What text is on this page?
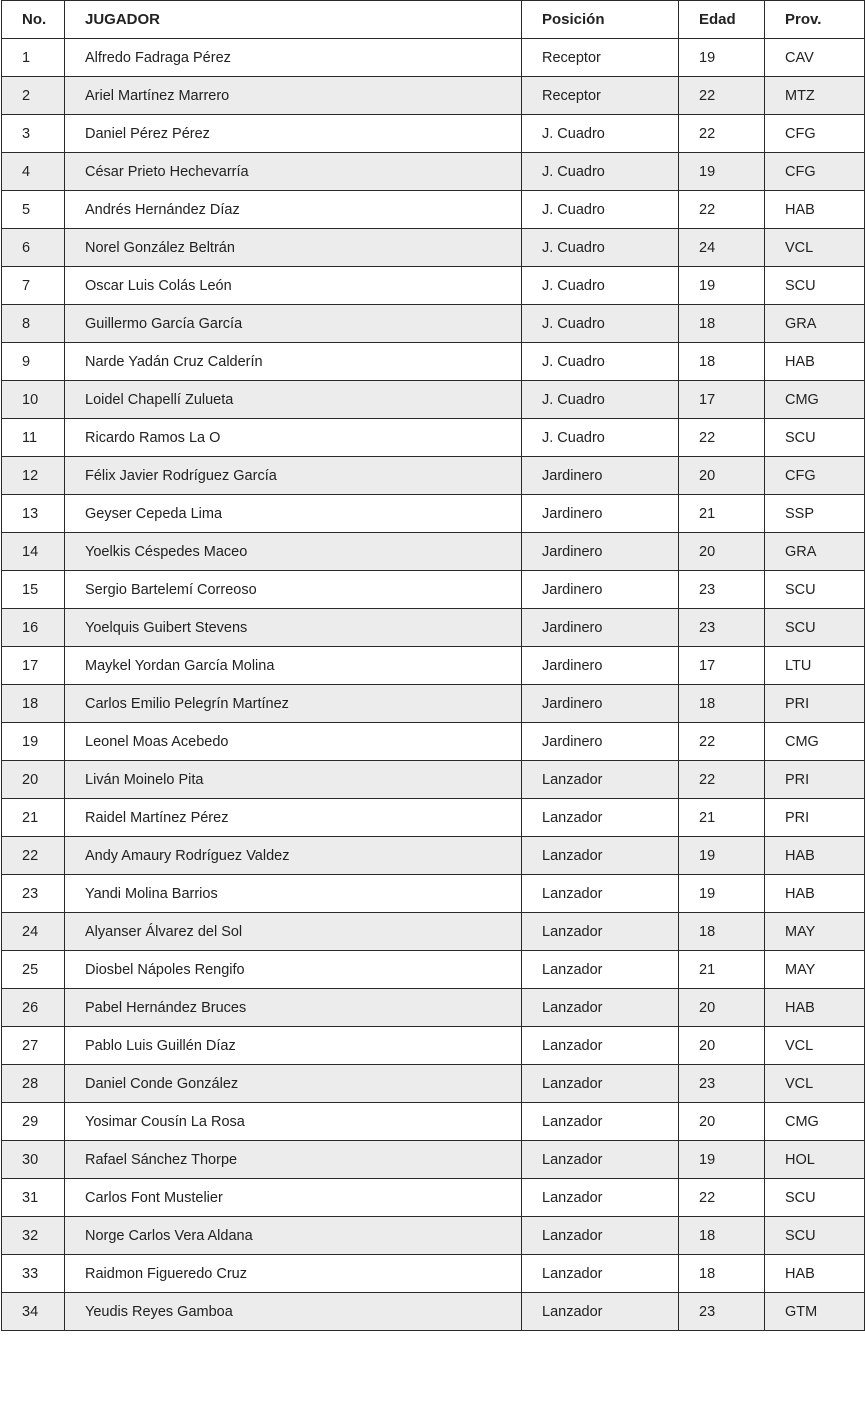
No.	JUGADOR	Posición	Edad	Prov.
1	Alfredo Fadraga Pérez	Receptor	19	CAV
2	Ariel Martínez Marrero	Receptor	22	MTZ
3	Daniel Pérez Pérez	J. Cuadro	22	CFG
4	César Prieto Hechevarría	J. Cuadro	19	CFG
5	Andrés Hernández Díaz	J. Cuadro	22	HAB
6	Norel González Beltrán	J. Cuadro	24	VCL
7	Oscar Luis Colás León	J. Cuadro	19	SCU
8	Guillermo García García	J. Cuadro	18	GRA
9	Narde Yadán Cruz Calderín	J. Cuadro	18	HAB
10	Loidel Chapellí Zulueta	J. Cuadro	17	CMG
11	Ricardo Ramos La O	J. Cuadro	22	SCU
12	Félix Javier Rodríguez García	Jardinero	20	CFG
13	Geyser Cepeda Lima	Jardinero	21	SSP
14	Yoelkis Céspedes Maceo	Jardinero	20	GRA
15	Sergio Bartelemí Correoso	Jardinero	23	SCU
16	Yoelquis Guibert Stevens	Jardinero	23	SCU
17	Maykel Yordan García Molina	Jardinero	17	LTU
18	Carlos Emilio Pelegrín Martínez	Jardinero	18	PRI
19	Leonel Moas Acebedo	Jardinero	22	CMG
20	Liván Moinelo Pita	Lanzador	22	PRI
21	Raidel Martínez Pérez	Lanzador	21	PRI
22	Andy Amaury Rodríguez Valdez	Lanzador	19	HAB
23	Yandi Molina Barrios	Lanzador	19	HAB
24	Alyanser Álvarez del Sol	Lanzador	18	MAY
25	Diosbel Nápoles Rengifo	Lanzador	21	MAY
26	Pabel Hernández Bruces	Lanzador	20	HAB
27	Pablo Luis Guillén Díaz	Lanzador	20	VCL
28	Daniel Conde González	Lanzador	23	VCL
29	Yosimar Cousín La Rosa	Lanzador	20	CMG
30	Rafael Sánchez Thorpe	Lanzador	19	HOL
31	Carlos Font Mustelier	Lanzador	22	SCU
32	Norge Carlos Vera Aldana	Lanzador	18	SCU
33	Raidmon Figueredo Cruz	Lanzador	18	HAB
34	Yeudis Reyes Gamboa	Lanzador	23	GTM
